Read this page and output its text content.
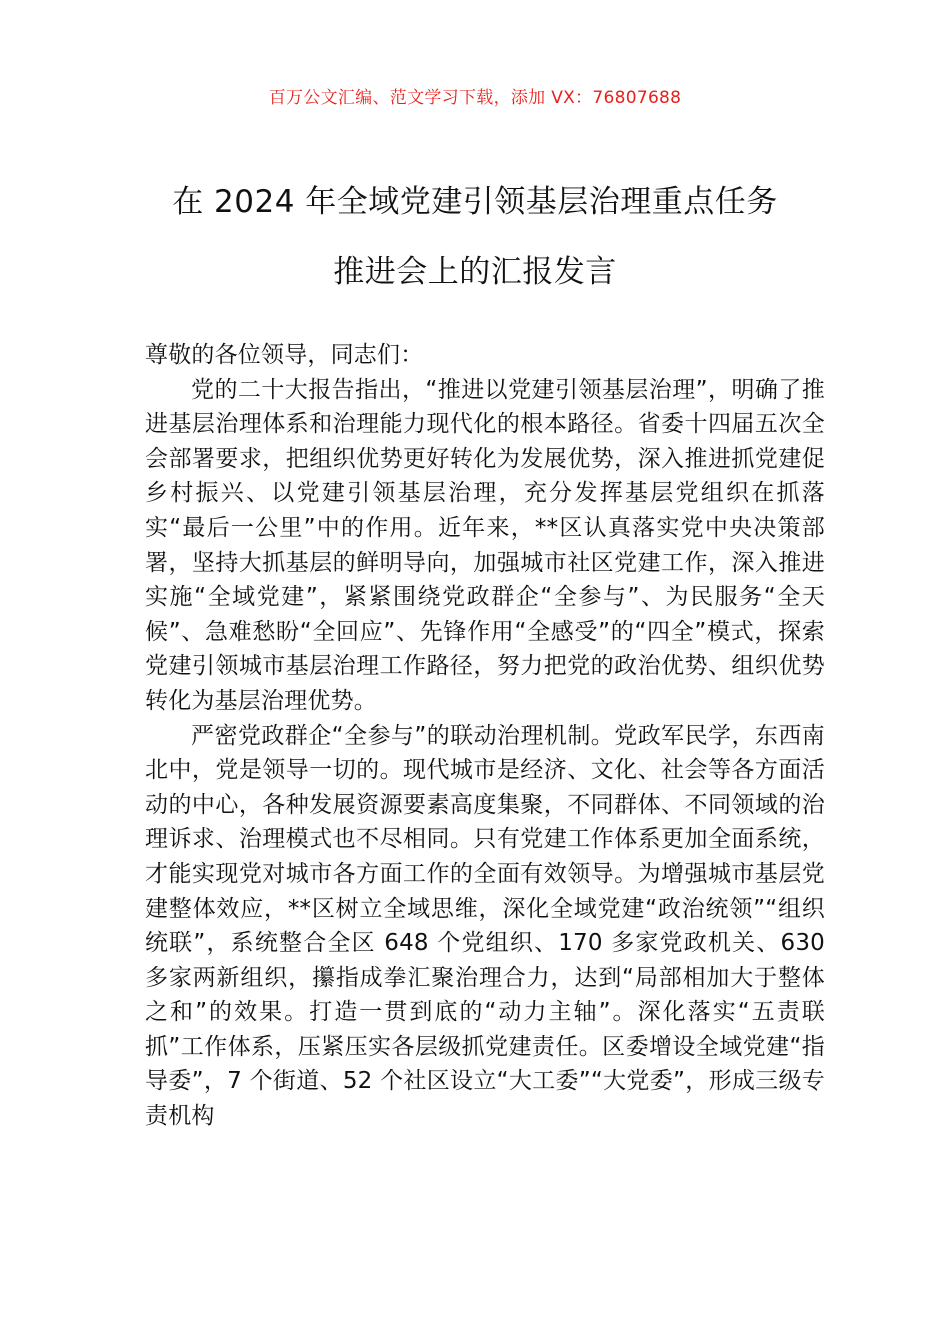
百万公文汇编、范文学习下载，添加 VX：76807688
在 2024 年全域党建引领基层治理重点任务
推进会上的汇报发言

尊敬的各位领导，同志们：

党的二十大报告指出，“推进以党建引领基层治理”，明确了推进基层治理体系和治理能力现代化的根本路径。省委十四届五次全会部署要求，把组织优势更好转化为发展优势，深入推进抓党建促乡村振兴、以党建引领基层治理，充分发挥基层党组织在抓落实“最后一公里”中的作用。近年来，**区认真落实党中央决策部署，坚持大抓基层的鲜明导向，加强城市社区党建工作，深入推进实施“全域党建”，紧紧围绕党政群企“全参与”、为民服务“全天候”、急难愁盼“全回应”、先锋作用“全感受”的“四全”模式，探索党建引领城市基层治理工作路径，努力把党的政治优势、组织优势转化为基层治理优势。

严密党政群企“全参与”的联动治理机制。党政军民学，东西南北中，党是领导一切的。现代城市是经济、文化、社会等各方面活动的中心，各种发展资源要素高度集聚，不同群体、不同领域的治理诉求、治理模式也不尽相同。只有党建工作体系更加全面系统，才能实现党对城市各方面工作的全面有效领导。为增强城市基层党建整体效应，**区树立全域思维，深化全域党建“政治统领”“组织统联”，系统整合全区 648 个党组织、170 多家党政机关、630 多家两新组织，攥指成拳汇聚治理合力，达到“局部相加大于整体之和”的效果。打造一贯到底的“动力主轴”。深化落实“五责联抓”工作体系，压紧压实各层级抓党建责任。区委增设全域党建“指导委”，7 个街道、52 个社区设立“大工委”“大党委”，形成三级专责机构
